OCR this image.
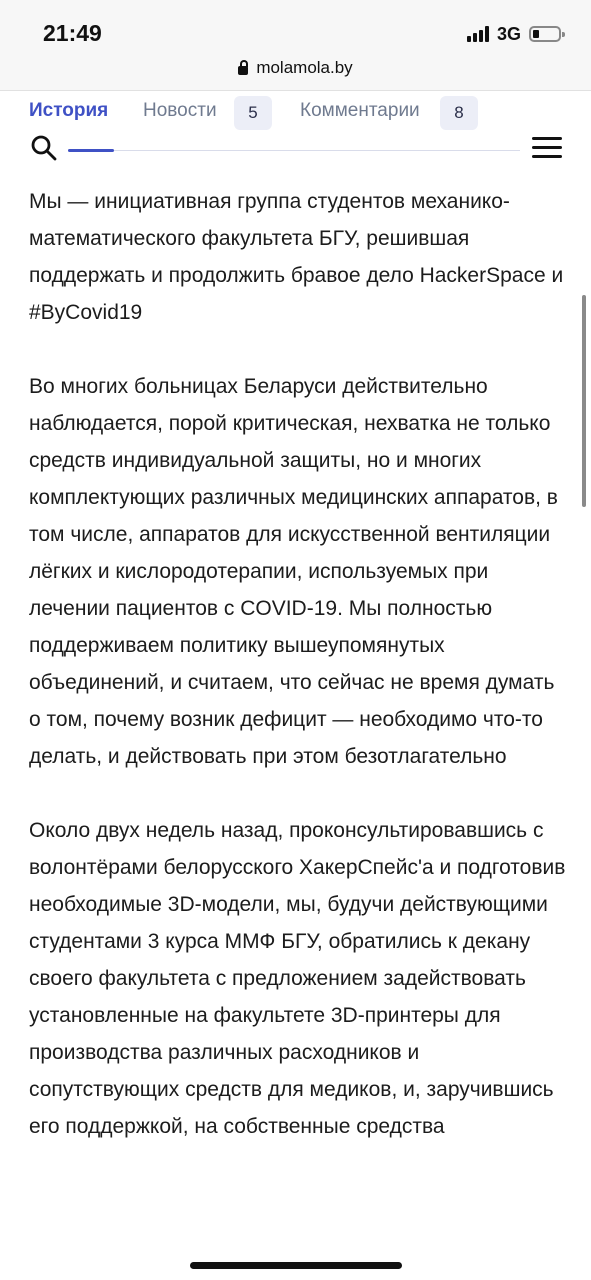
21:49	3G
molamola.by
История Новости	5	Комментарии	8

Мы — инициативная группа студентов механико-математического факультета БГУ, решившая поддержать и продолжить бравое дело HackerSpace и #ByCovid19

Во многих больницах Беларуси действительно наблюдается, порой критическая, нехватка не только средств индивидуальной защиты, но и многих комплектующих различных медицинских аппаратов, в том числе, аппаратов для искусственной вентиляции лёгких и кислородотерапии, используемых при лечении пациентов с COVID-19. Мы полностью поддерживаем политику вышеупомянутых объединений, и считаем, что сейчас не время думать о том, почему возник дефицит — необходимо что-то делать, и действовать при этом безотлагательно

Около двух недель назад, проконсультировавшись с волонтёрами белорусского ХакерСпейс'а и подготовив необходимые 3D-модели, мы, будучи действующими студентами 3 курса ММФ БГУ, обратились к декану своего факультета с предложением задействовать установленные на факультете 3D-принтеры для производства различных расходников и сопутствующих средств для медиков, и, заручившись его поддержкой, на собственные средства
